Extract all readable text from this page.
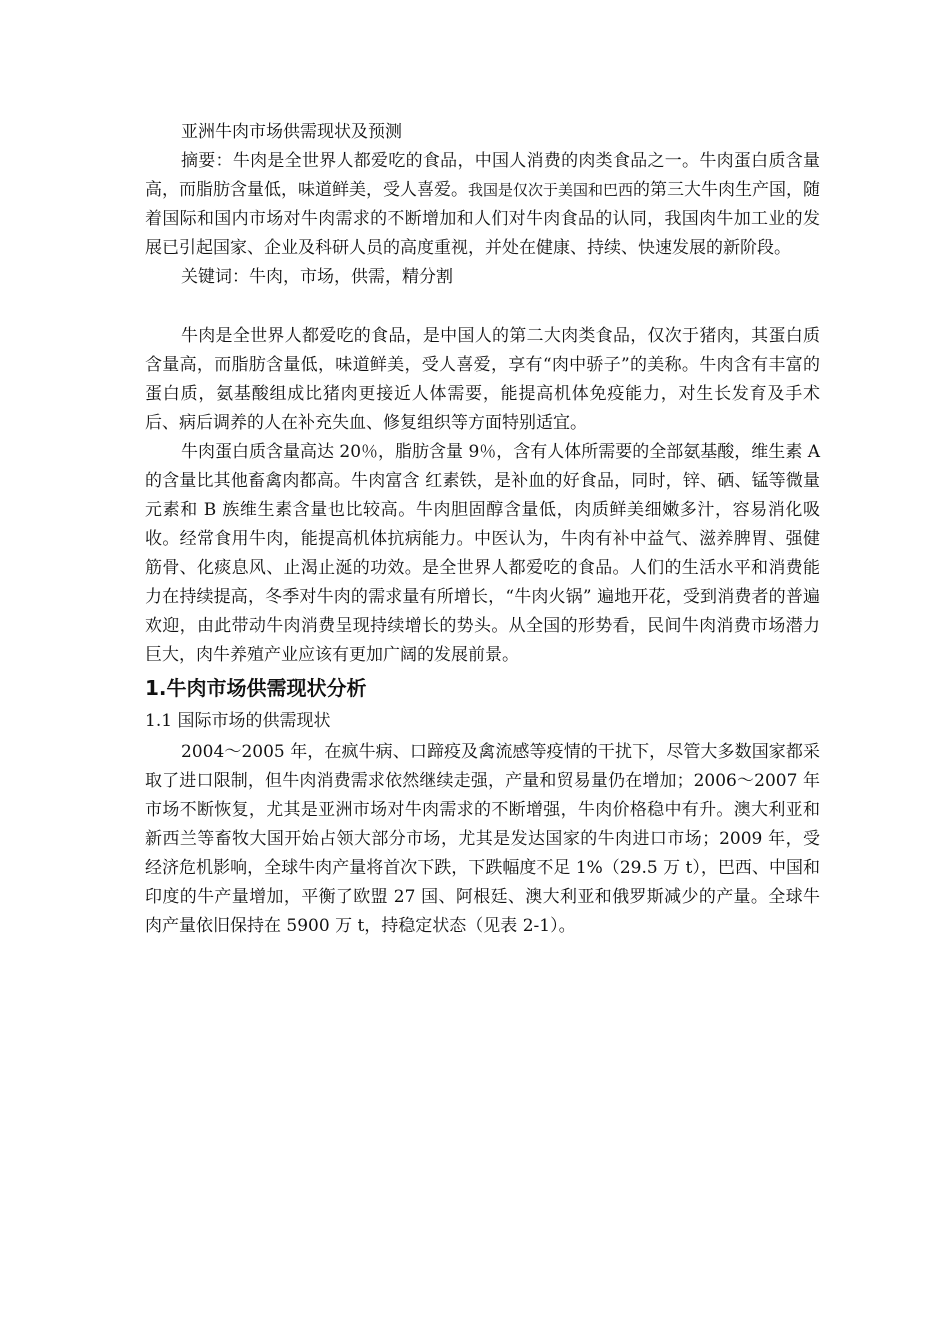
亚洲牛肉市场供需现状及预测

摘要：牛肉是全世界人都爱吃的食品，中国人消费的肉类食品之一。牛肉蛋白质含量高，而脂肪含量低，味道鲜美，受人喜爱。我国是仅次于美国和巴西的第三大牛肉生产国，随着国际和国内市场对牛肉需求的不断增加和人们对牛肉食品的认同，我国肉牛加工业的发展已引起国家、企业及科研人员的高度重视，并处在健康、持续、快速发展的新阶段。

关键词：牛肉，市场，供需，精分割

牛肉是全世界人都爱吃的食品，是中国人的第二大肉类食品，仅次于猪肉，其蛋白质含量高，而脂肪含量低，味道鲜美，受人喜爱，享有“肉中骄子”的美称。牛肉含有丰富的蛋白质，氨基酸组成比猪肉更接近人体需要，能提高机体免疫能力，对生长发育及手术后、病后调养的人在补充失血、修复组织等方面特别适宜。

牛肉蛋白质含量高达 20％，脂肪含量 9％，含有人体所需要的全部氨基酸，维生素 A 的含量比其他畜禽肉都高。牛肉富含 红素铁，是补血的好食品，同时，锌、硒、锰等微量元素和 B 族维生素含量也比较高。牛肉胆固醇含量低，肉质鲜美细嫩多汁，容易消化吸收。经常食用牛肉，能提高机体抗病能力。中医认为，牛肉有补中益气、滋养脾胃、强健筋骨、化痰息风、止渴止涎的功效。是全世界人都爱吃的食品。人们的生活水平和消费能力在持续提高，冬季对牛肉的需求量有所增长，“牛肉火锅” 遍地开花，受到消费者的普遍欢迎，由此带动牛肉消费呈现持续增长的势头。从全国的形势看，民间牛肉消费市场潜力巨大，肉牛养殖产业应该有更加广阔的发展前景。

1.牛肉市场供需现状分析

1.1 国际市场的供需现状

2004～2005 年，在疯牛病、口蹄疫及禽流感等疫情的干扰下，尽管大多数国家都采取了进口限制，但牛肉消费需求依然继续走强，产量和贸易量仍在增加；2006～2007 年市场不断恢复，尤其是亚洲市场对牛肉需求的不断增强，牛肉价格稳中有升。澳大利亚和新西兰等畜牧大国开始占领大部分市场，尤其是发达国家的牛肉进口市场；2009 年，受经济危机影响，全球牛肉产量将首次下跌，下跌幅度不足 1%（29.5 万 t），巴西、中国和印度的牛产量增加，平衡了欧盟 27 国、阿根廷、澳大利亚和俄罗斯减少的产量。全球牛肉产量依旧保持在 5900 万 t，持稳定状态（见表 2-1）。
